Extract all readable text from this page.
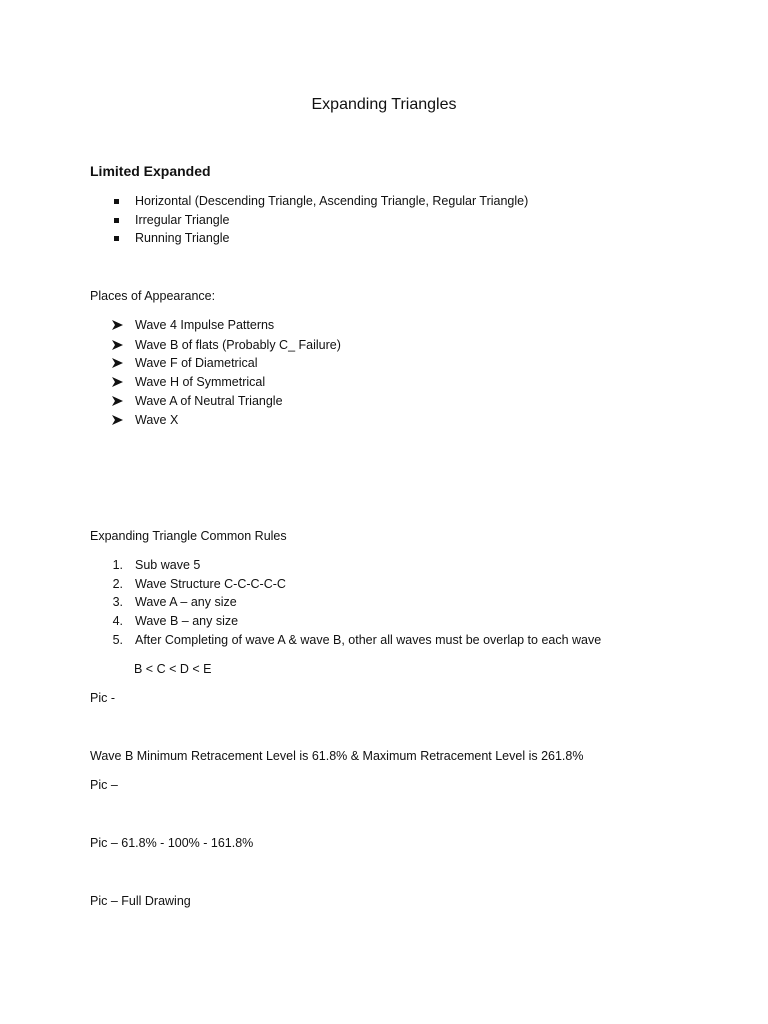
Expanding Triangles
Limited Expanded
Horizontal (Descending Triangle, Ascending Triangle, Regular Triangle)
Irregular Triangle
Running Triangle
Places of Appearance:
Wave 4 Impulse Patterns
Wave B of flats (Probably C_ Failure)
Wave F of Diametrical
Wave H of Symmetrical
Wave A of Neutral Triangle
Wave X
Expanding Triangle Common Rules
1. Sub wave 5
2. Wave Structure C-C-C-C-C
3. Wave A – any size
4. Wave B – any size
5. After Completing of wave A & wave B, other all waves must be overlap to each wave
B < C < D < E
Pic -
Wave B Minimum Retracement Level is 61.8% & Maximum Retracement Level is 261.8%
Pic –
Pic – 61.8% - 100% - 161.8%
Pic – Full Drawing
